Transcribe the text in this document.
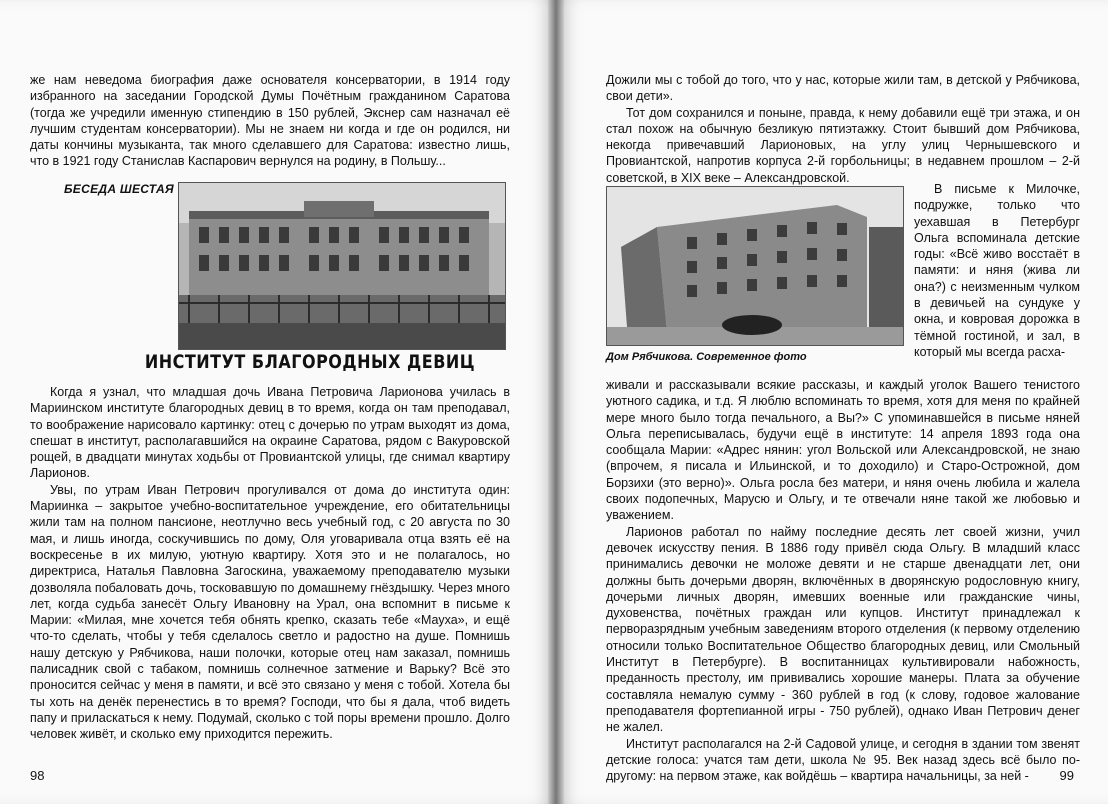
же нам неведома биография даже основателя консерватории, в 1914 году избранного на заседании Городской Думы Почётным гражданином Саратова (тогда же учредили именную стипендию в 150 рублей, Экснер сам назначал её лучшим студентам консерватории). Мы не знаем ни когда и где он родился, ни даты кончины музыканта, так много сделавшего для Саратова: известно лишь, что в 1921 году Станислав Каспарович вернулся на родину, в Польшу...

БЕСЕДА ШЕСТАЯ
ИНСТИТУТ БЛАГОРОДНЫХ ДЕВИЦ

Когда я узнал, что младшая дочь Ивана Петровича Ларионова училась в Мариинском институте благородных девиц в то время, когда он там преподавал, то воображение нарисовало картинку: отец с дочерью по утрам выходят из дома, спешат в институт, располагавшийся на окраине Саратова, рядом с Вакуровской рощей, в двадцати минутах ходьбы от Провиантской улицы, где снимал квартиру Ларионов.

Увы, по утрам Иван Петрович прогуливался от дома до института один: Мариинка – закрытое учебно-воспитательное учреждение, его обитательницы жили там на полном пансионе, неотлучно весь учебный год, с 20 августа по 30 мая, и лишь иногда, соскучившись по дому, Оля уговаривала отца взять её на воскресенье в их милую, уютную квартиру. Хотя это и не полагалось, но директриса, Наталья Павловна Загоскина, уважаемому преподавателю музыки дозволяла побаловать дочь, тосковавшую по домашнему гнёздышку. Через много лет, когда судьба занесёт Ольгу Ивановну на Урал, она вспомнит в письме к Марии: «Милая, мне хочется тебя обнять крепко, сказать тебе «Мауха», и ещё что-то сделать, чтобы у тебя сделалось светло и радостно на душе. Помнишь нашу детскую у Рябчикова, наши полочки, которые отец нам заказал, помнишь палисадник свой с табаком, помнишь солнечное затмение и Варьку? Всё это проносится сейчас у меня в памяти, и всё это связано у меня с тобой. Хотела бы ты хоть на денёк перенестись в то время? Господи, что бы я дала, чтоб видеть папу и приласкаться к нему. Подумай, сколько с той поры времени прошло. Долго человек живёт, и сколько ему приходится пережить.

98

Дожили мы с тобой до того, что у нас, которые жили там, в детской у Рябчикова, свои дети».

Тот дом сохранился и поныне, правда, к нему добавили ещё три этажа, и он стал похож на обычную безликую пятиэтажку. Стоит бывший дом Рябчикова, некогда привечавший Ларионовых, на углу улиц Чернышевского и Провиантской, напротив корпуса 2-й горбольницы; в недавнем прошлом – 2-й советской, в XIX веке – Александровской.

Дом Рябчикова. Современное фото

В письме к Милочке, подружке, только что уехавшая в Петербург Ольга вспоминала детские годы: «Всё живо восстаёт в памяти: и няня (жива ли она?) с неизменным чулком в девичьей на сундуке у окна, и ковровая дорожка в тёмной гостиной, и зал, в который мы всегда расха-

живали и рассказывали всякие рассказы, и каждый уголок Вашего тенистого уютного садика, и т.д. Я люблю вспоминать то время, хотя для меня по крайней мере много было тогда печального, а Вы?» С упоминавшейся в письме няней Ольга переписывалась, будучи ещё в институте: 14 апреля 1893 года она сообщала Марии: «Адрес нянин: угол Вольской или Александровской, не знаю (впрочем, я писала и Ильинской, и то доходило) и Старо-Острожной, дом Борзихи (это верно)». Ольга росла без матери, и няня очень любила и жалела своих подопечных, Марусю и Ольгу, и те отвечали няне такой же любовью и уважением.

Ларионов работал по найму последние десять лет своей жизни, учил девочек искусству пения. В 1886 году привёл сюда Ольгу. В младший класс принимались девочки не моложе девяти и не старше двенадцати лет, они должны быть дочерьми дворян, включённых в дворянскую родословную книгу, дочерьми личных дворян, имевших военные или гражданские чины, духовенства, почётных граждан или купцов. Институт принадлежал к перворазрядным учебным заведениям второго отделения (к первому отделению относили только Воспитательное Общество благородных девиц, или Смольный Институт в Петербурге). В воспитанницах культивировали набожность, преданность престолу, им прививались хорошие манеры. Плата за обучение составляла немалую сумму - 360 рублей в год (к слову, годовое жалование преподавателя фортепианной игры - 750 рублей), однако Иван Петрович денег не жалел.

Институт располагался на 2-й Садовой улице, и сегодня в здании том звенят детские голоса: учатся там дети, школа № 95. Век назад здесь всё было по-другому: на первом этаже, как войдёшь – квартира начальницы, за ней -	99
